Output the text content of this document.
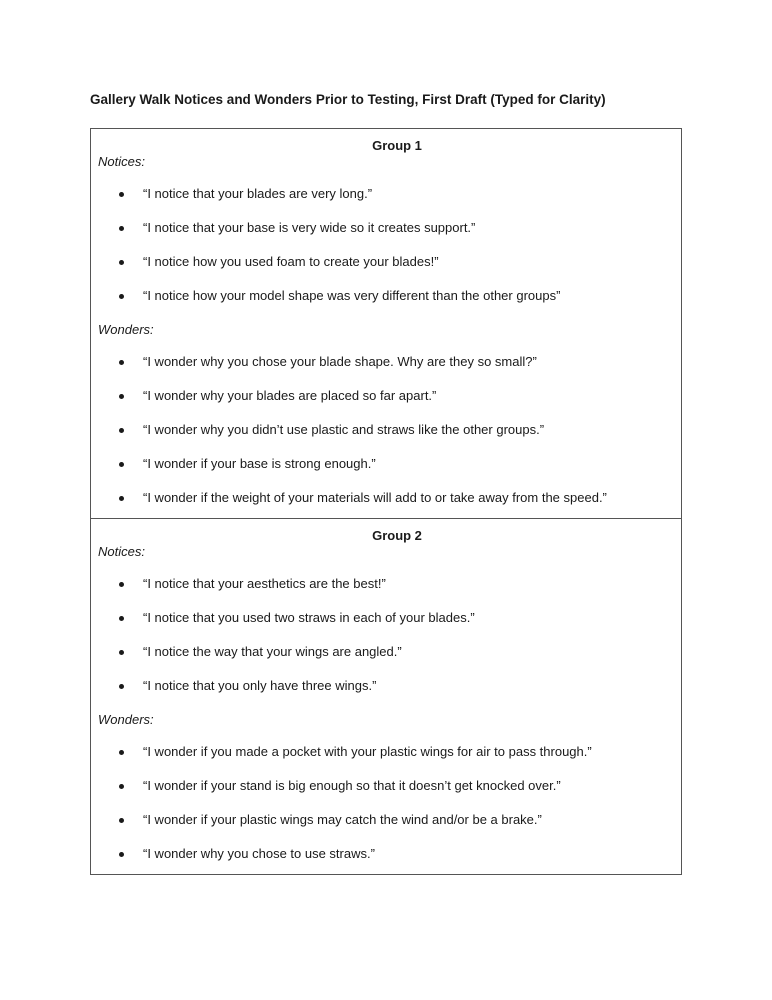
Gallery Walk Notices and Wonders Prior to Testing, First Draft (Typed for Clarity)
Group 1
Notices:
“I notice that your blades are very long.”
“I notice that your base is very wide so it creates support.”
“I notice how you used foam to create your blades!”
“I notice how your model shape was very different than the other groups”
Wonders:
“I wonder why you chose your blade shape. Why are they so small?”
“I wonder why your blades are placed so far apart.”
“I wonder why you didn’t use plastic and straws like the other groups.”
“I wonder if your base is strong enough.”
“I wonder if the weight of your materials will add to or take away from the speed.”
Group 2
Notices:
“I notice that your aesthetics are the best!”
“I notice that you used two straws in each of your blades.”
“I notice the way that your wings are angled.”
“I notice that you only have three wings.”
Wonders:
“I wonder if you made a pocket with your plastic wings for air to pass through.”
“I wonder if your stand is big enough so that it doesn’t get knocked over.”
“I wonder if your plastic wings may catch the wind and/or be a brake.”
“I wonder why you chose to use straws.”
